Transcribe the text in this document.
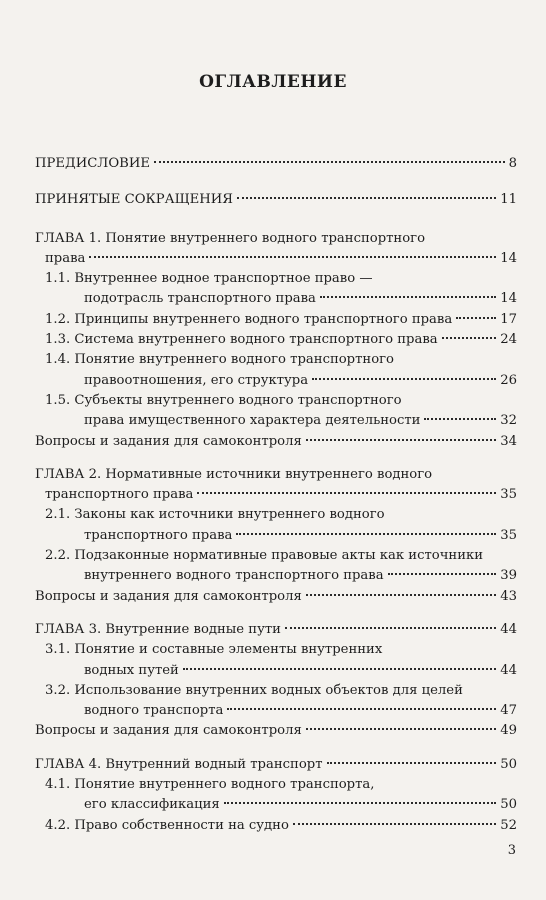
ОГЛАВЛЕНИЕ
ПРЕДИСЛОВИЕ	8
ПРИНЯТЫЕ СОКРАЩЕНИЯ	11
ГЛАВА 1. Понятие внутреннего водного транспортного
права	14
1.1. Внутреннее водное транспортное право —
подотрасль транспортного права	14
1.2. Принципы внутреннего водного транспортного права	17
1.3. Система внутреннего водного транспортного права	24
1.4. Понятие внутреннего водного транспортного
правоотношения, его структура	26
1.5. Субъекты внутреннего водного транспортного
права имущественного характера деятельности	32
Вопросы и задания для самоконтроля	34
ГЛАВА 2. Нормативные источники внутреннего водного
транспортного права	35
2.1. Законы как источники внутреннего водного
транспортного права	35
2.2. Подзаконные нормативные правовые акты как источники
внутреннего водного транспортного права	39
Вопросы и задания для самоконтроля	43
ГЛАВА 3. Внутренние водные пути	44
3.1. Понятие и составные элементы внутренних
водных путей	44
3.2. Использование внутренних водных объектов для целей
водного транспорта	47
Вопросы и задания для самоконтроля	49
ГЛАВА 4. Внутренний водный транспорт	50
4.1. Понятие внутреннего водного транспорта,
его классификация	50
4.2. Право собственности на судно	52
3
